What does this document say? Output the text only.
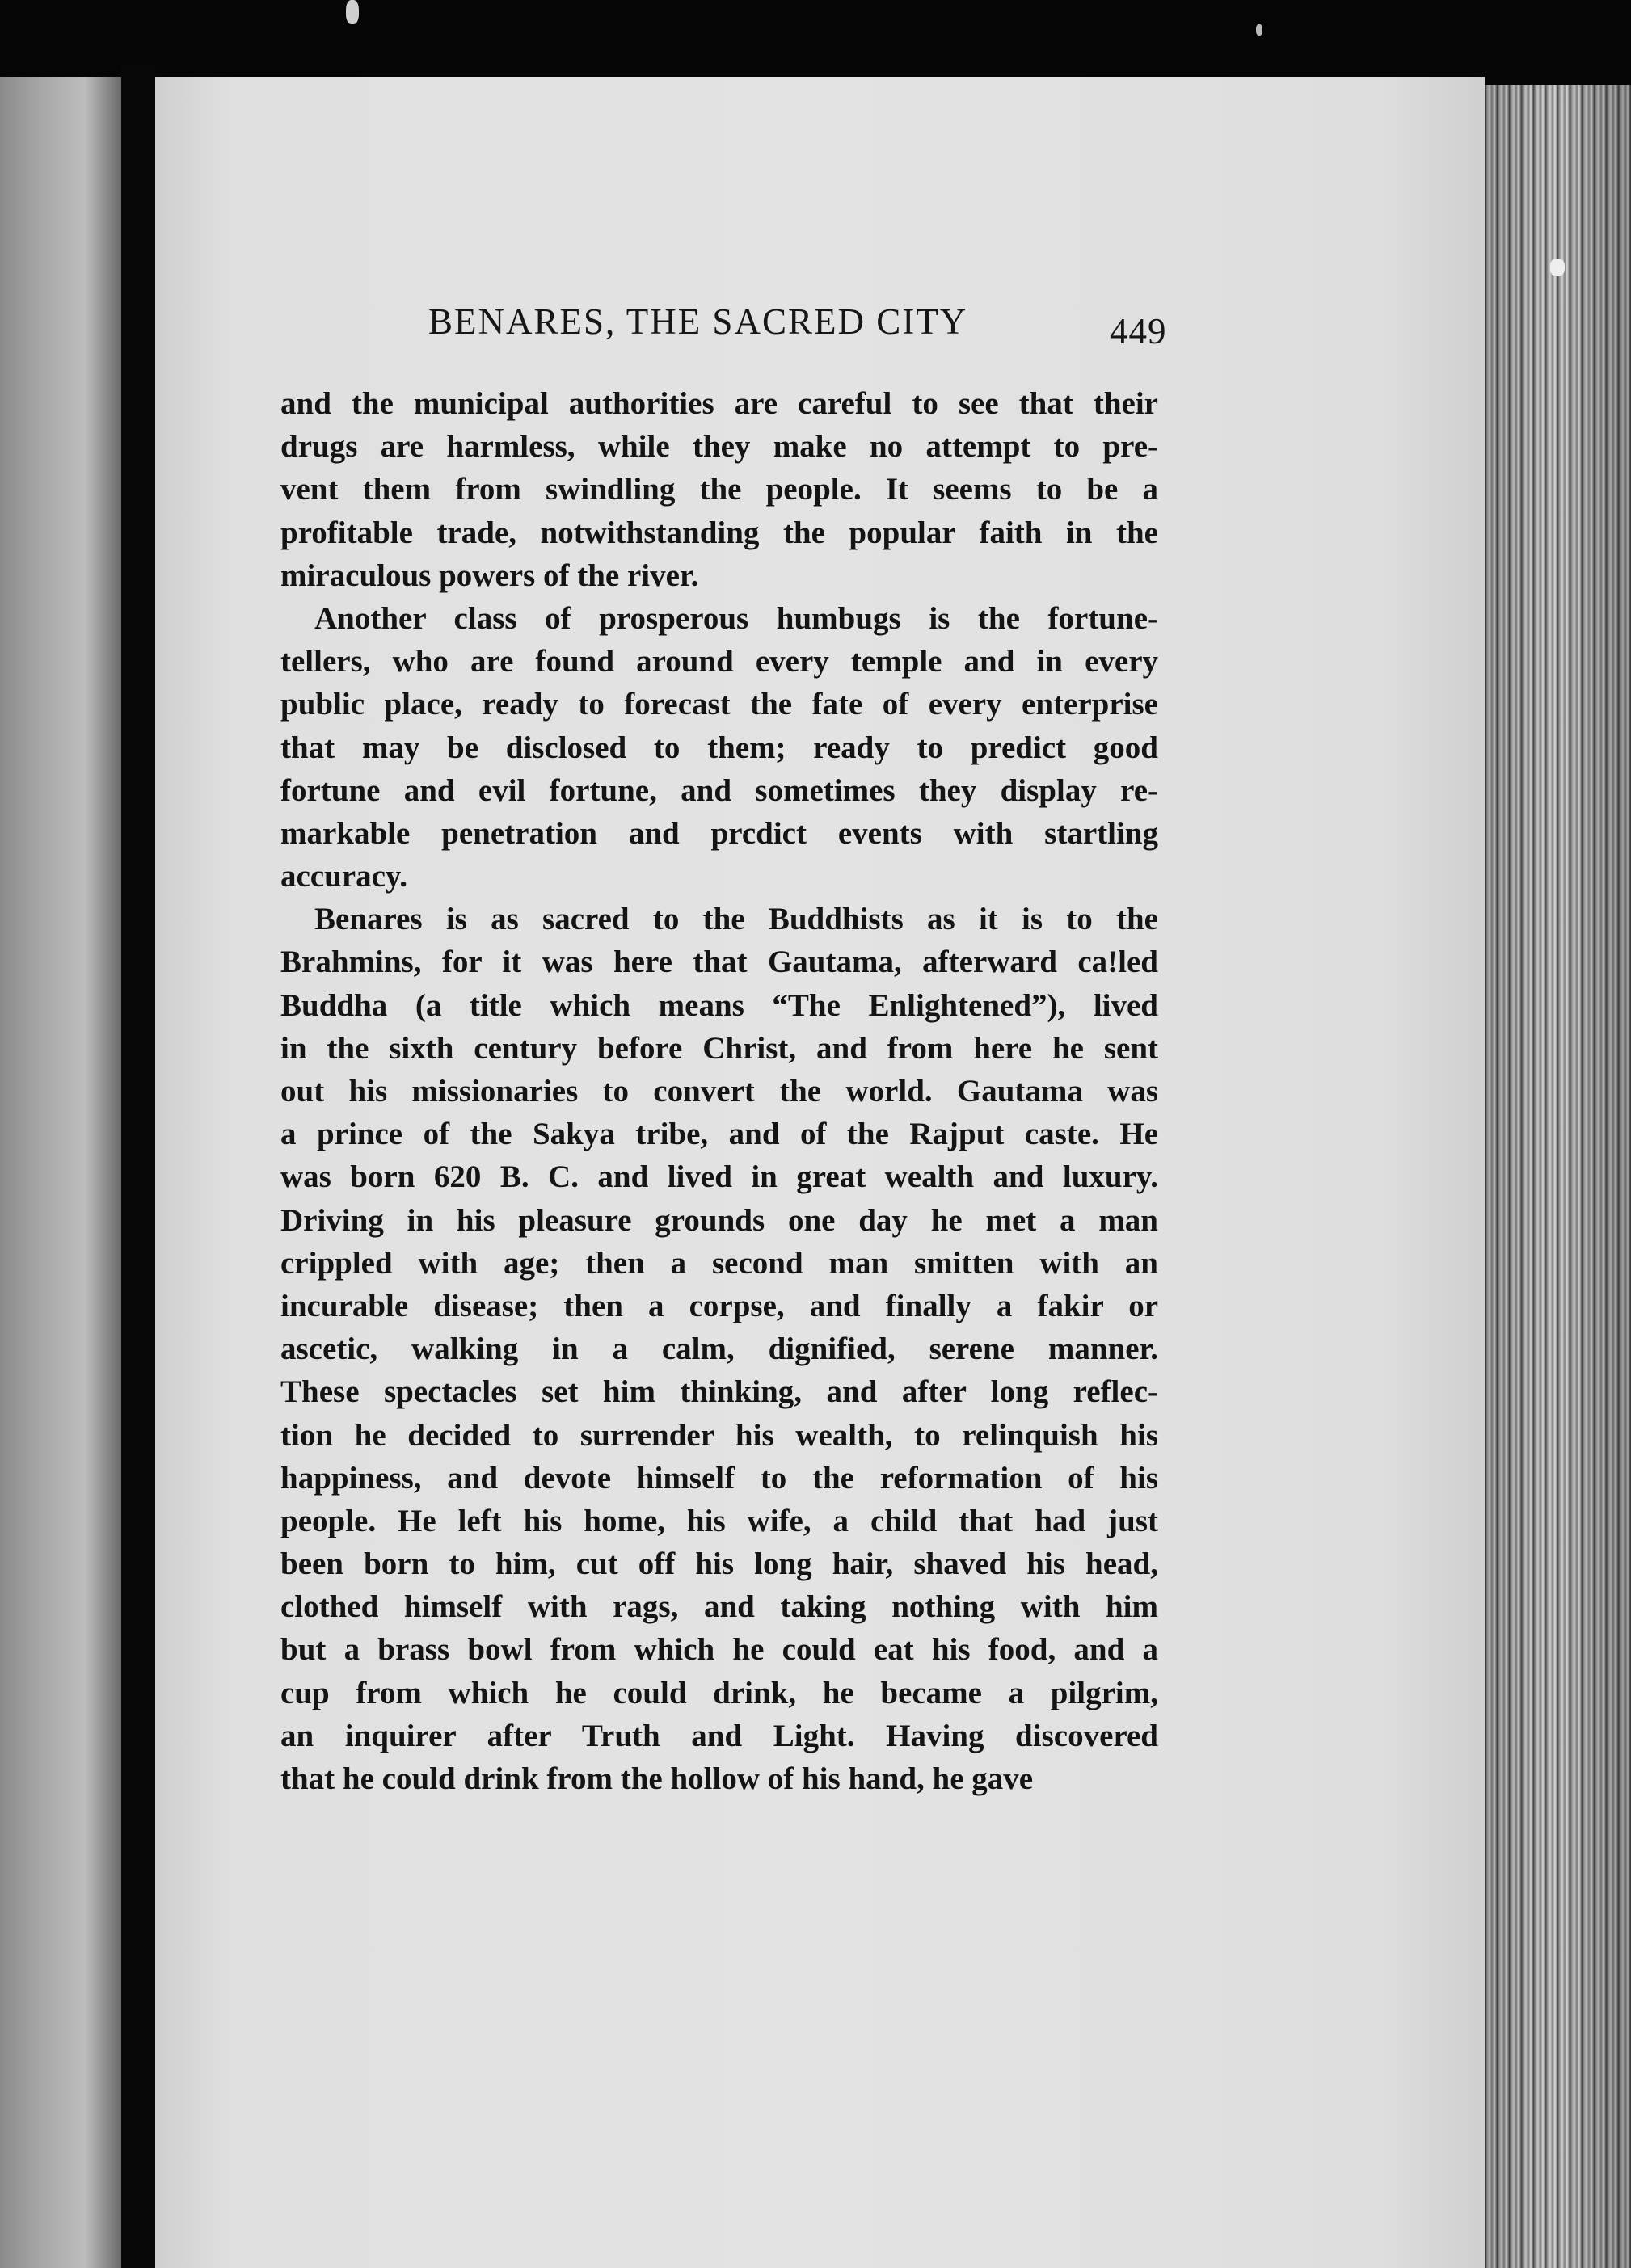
BENARES, THE SACRED CITY	449
and the municipal authorities are careful to see that their
drugs are harmless, while they make no attempt to pre-
vent them from swindling the people. It seems to be a
profitable trade, notwithstanding the popular faith in the
miraculous powers of the river.
Another class of prosperous humbugs is the fortune-
tellers, who are found around every temple and in every
public place, ready to forecast the fate of every enterprise
that may be disclosed to them; ready to predict good
fortune and evil fortune, and sometimes they display re-
markable penetration and prcdict events with startling
accuracy.
Benares is as sacred to the Buddhists as it is to the
Brahmins, for it was here that Gautama, afterward ca!led
Buddha (a title which means “The Enlightened”), lived
in the sixth century before Christ, and from here he sent
out his missionaries to convert the world. Gautama was
a prince of the Sakya tribe, and of the Rajput caste. He
was born 620 B. C. and lived in great wealth and luxury.
Driving in his pleasure grounds one day he met a man
crippled with age; then a second man smitten with an
incurable disease; then a corpse, and finally a fakir or
ascetic, walking in a calm, dignified, serene manner.
These spectacles set him thinking, and after long reflec-
tion he decided to surrender his wealth, to relinquish his
happiness, and devote himself to the reformation of his
people. He left his home, his wife, a child that had just
been born to him, cut off his long hair, shaved his head,
clothed himself with rags, and taking nothing with him
but a brass bowl from which he could eat his food, and a
cup from which he could drink, he became a pilgrim,
an inquirer after Truth and Light. Having discovered
that he could drink from the hollow of his hand, he gave
